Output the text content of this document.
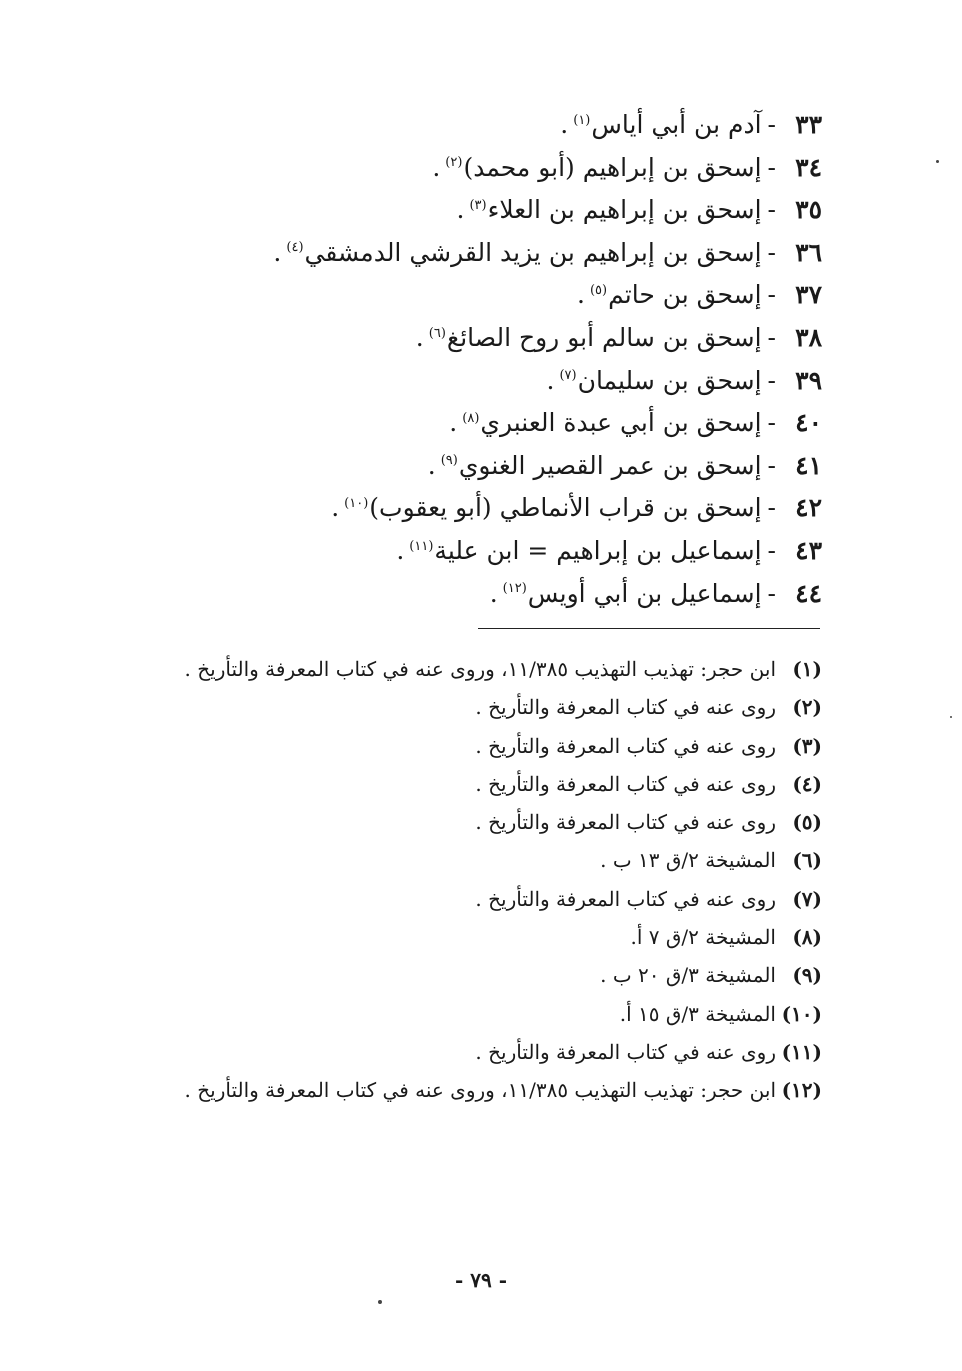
٣٣-آدم بن أبي أياس$^{(١)}$.
٣٤-إسحق بن إبراهيم (أبو محمد)$^{(٢)}$.
٣٥-إسحق بن إبراهيم بن العلاء$^{(٣)}$.
٣٦-إسحق بن إبراهيم بن يزيد القرشي الدمشقي$^{(٤)}$.
٣٧-إسحق بن حاتم$^{(٥)}$.
٣٨-إسحق بن سالم أبو روح الصائغ$^{(٦)}$.
٣٩-إسحق بن سليمان$^{(٧)}$.
٤٠-إسحق بن أبي عبدة العنبري$^{(٨)}$.
٤١-إسحق بن عمر القصير الغنوي$^{(٩)}$.
٤٢-إسحق بن قراب الأنماطي (أبو يعقوب)$^{(١٠)}$.
٤٣-إسماعيل بن إبراهيم = ابن علية$^{(١١)}$.
٤٤-إسماعيل بن أبي أويس$^{(١٢)}$.
(١)
ابن حجر: تهذيب التهذيب ١١/٣٨٥، وروى عنه في كتاب المعرفة والتأريخ .
(٢)
روى عنه في كتاب المعرفة والتأريخ .
(٣)
روى عنه في كتاب المعرفة والتأريخ .
(٤)
روى عنه في كتاب المعرفة والتأريخ .
(٥)
روى عنه في كتاب المعرفة والتأريخ .
(٦)
المشيخة ٢/ق ١٣ ب .
(٧)
روى عنه في كتاب المعرفة والتأريخ .
(٨)
المشيخة ٢/ق ٧ أ.
(٩)
المشيخة ٣/ق ٢٠ ب .
(١٠)
المشيخة ٣/ق ١٥ أ.
(١١)
روى عنه في كتاب المعرفة والتأريخ .
(١٢)
ابن حجر: تهذيب التهذيب ١١/٣٨٥، وروى عنه في كتاب المعرفة والتأريخ .
- ٧٩ -
